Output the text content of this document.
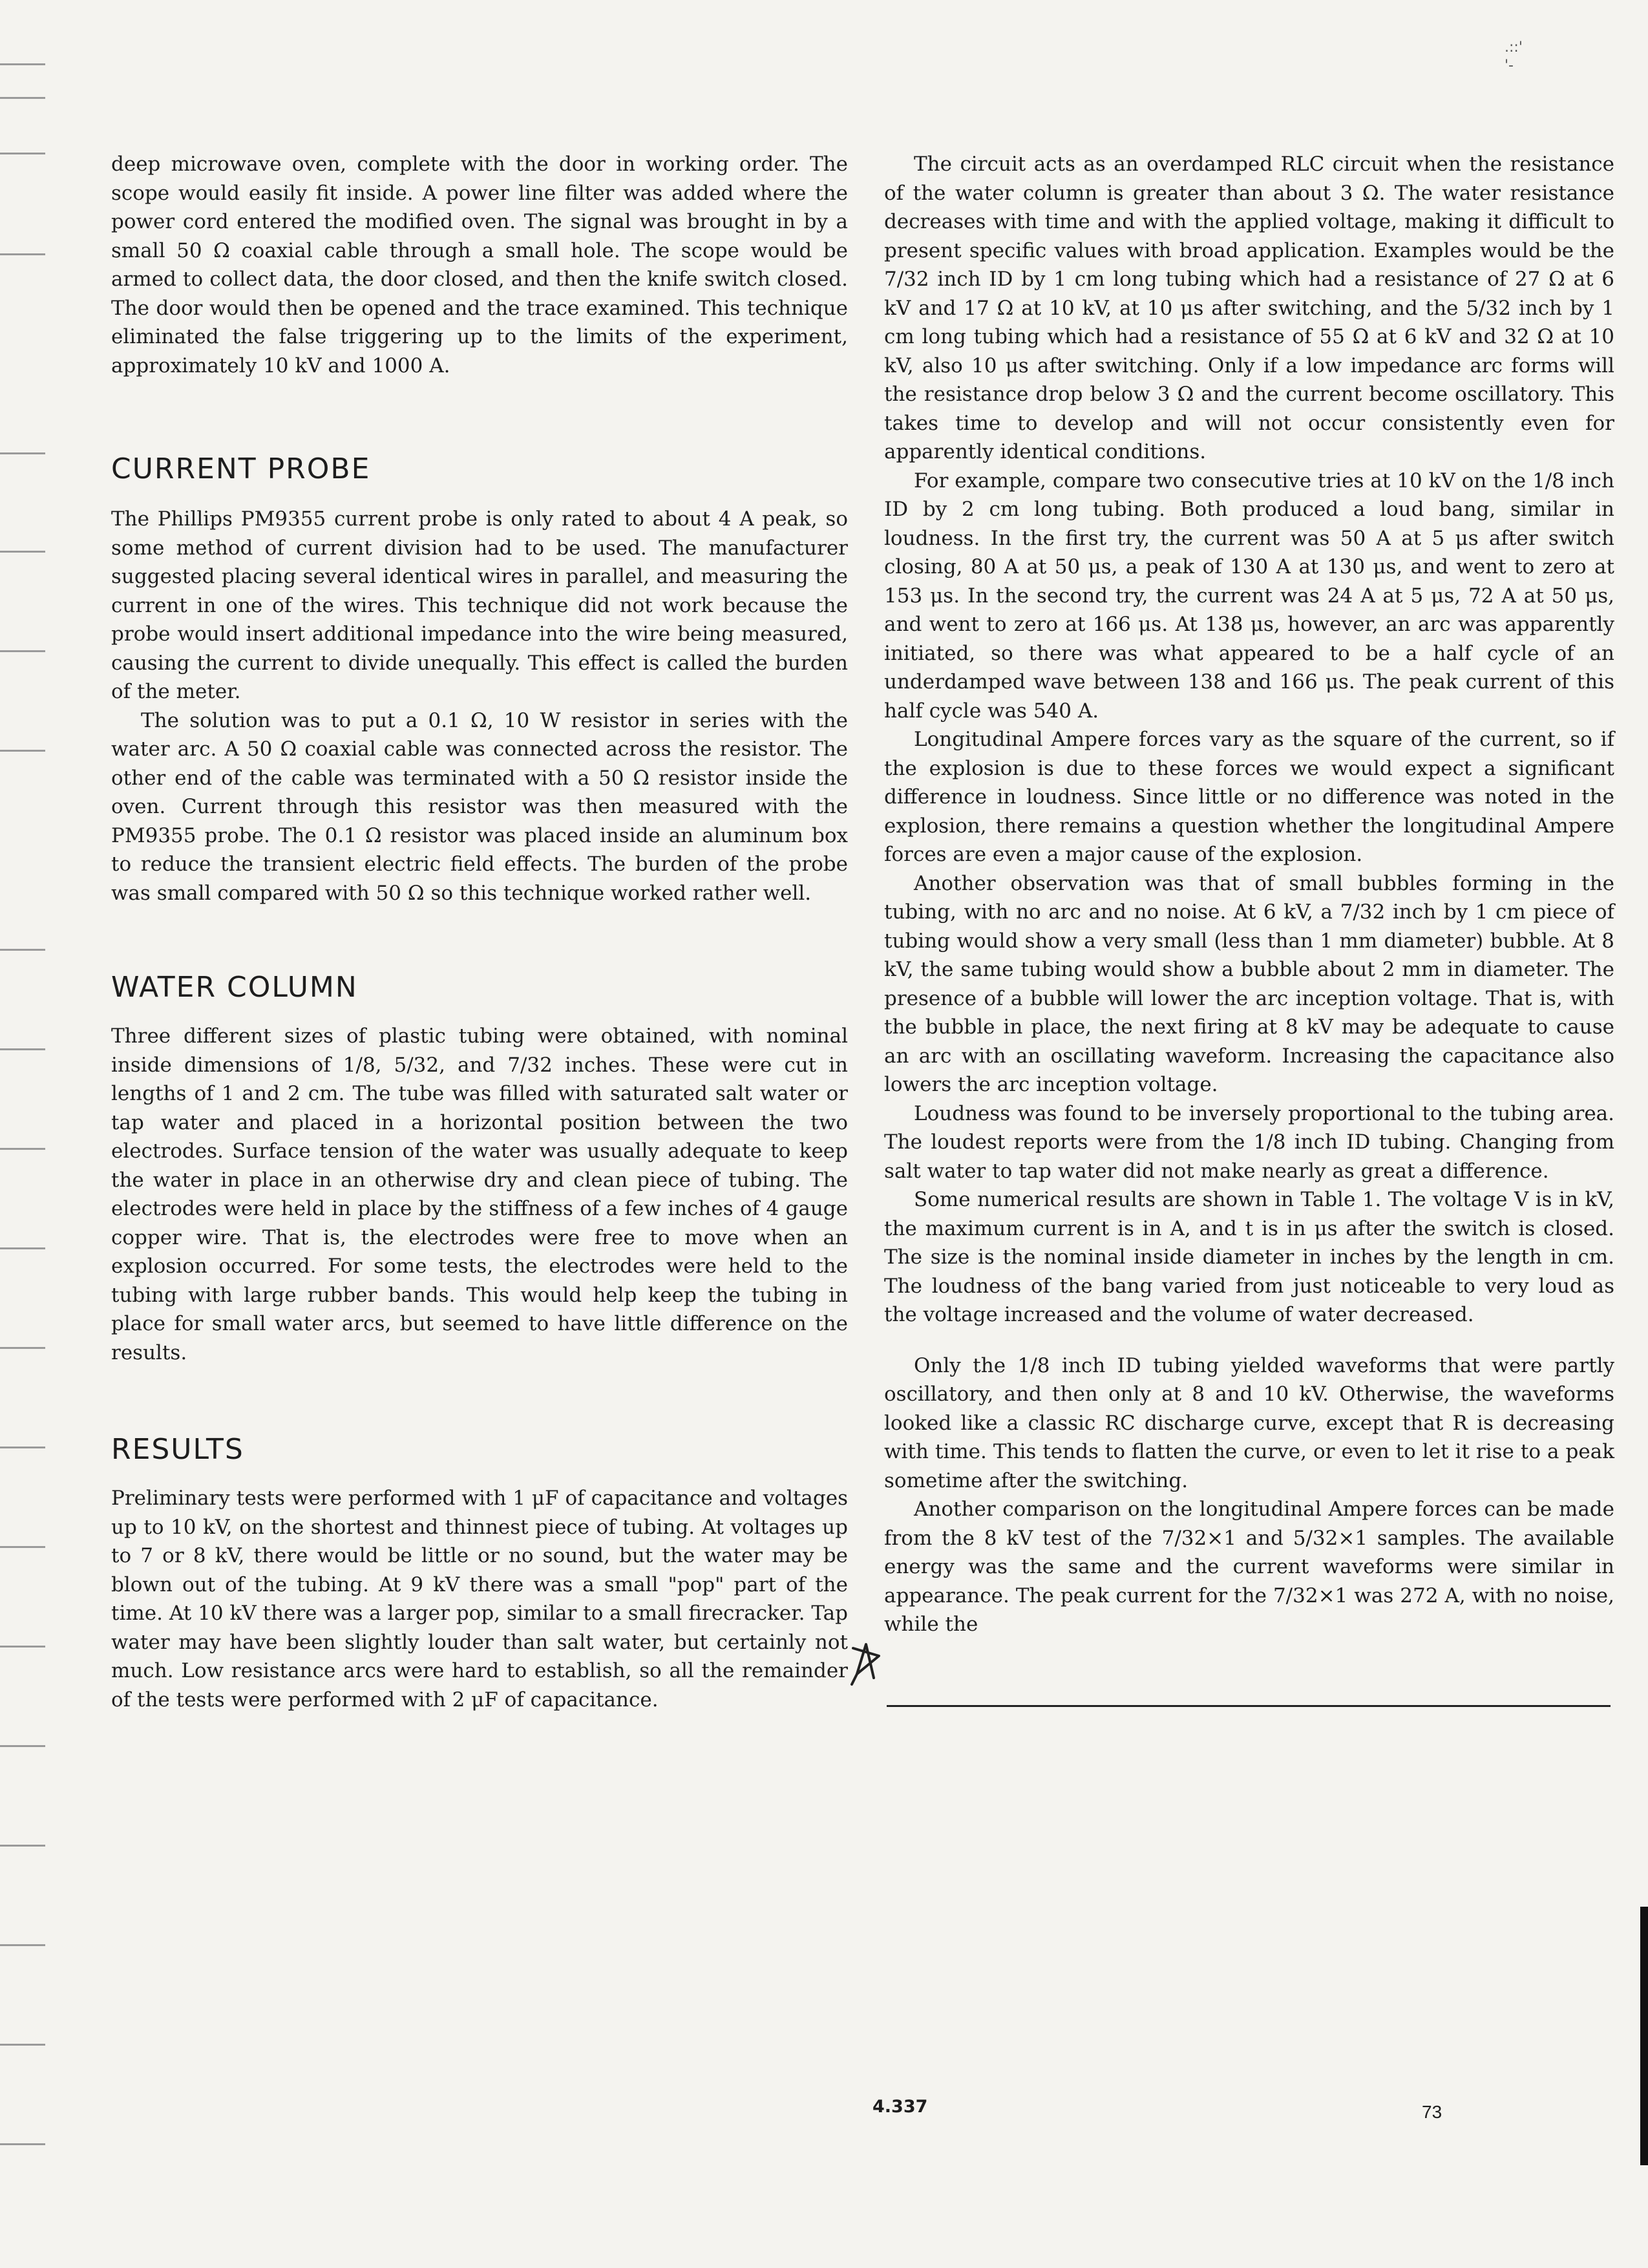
deep microwave oven, complete with the door in working order. The scope would easily fit inside. A power line filter was added where the power cord entered the modified oven. The signal was brought in by a small 50 Ω coaxial cable through a small hole. The scope would be armed to collect data, the door closed, and then the knife switch closed. The door would then be opened and the trace examined. This technique eliminated the false triggering up to the limits of the experiment, approximately 10 kV and 1000 A.

CURRENT PROBE

The Phillips PM9355 current probe is only rated to about 4 A peak, so some method of current division had to be used. The manufacturer suggested placing several identical wires in parallel, and measuring the current in one of the wires. This technique did not work because the probe would insert additional impedance into the wire being measured, causing the current to divide unequally. This effect is called the burden of the meter.

The solution was to put a 0.1 Ω, 10 W resistor in series with the water arc. A 50 Ω coaxial cable was connected across the resistor. The other end of the cable was terminated with a 50 Ω resistor inside the oven. Current through this resistor was then measured with the PM9355 probe. The 0.1 Ω resistor was placed inside an aluminum box to reduce the transient electric field effects. The burden of the probe was small compared with 50 Ω so this technique worked rather well.

WATER COLUMN

Three different sizes of plastic tubing were obtained, with nominal inside dimensions of 1/8, 5/32, and 7/32 inches. These were cut in lengths of 1 and 2 cm. The tube was filled with saturated salt water or tap water and placed in a horizontal position between the two electrodes. Surface tension of the water was usually adequate to keep the water in place in an otherwise dry and clean piece of tubing. The electrodes were held in place by the stiffness of a few inches of 4 gauge copper wire. That is, the electrodes were free to move when an explosion occurred. For some tests, the electrodes were held to the tubing with large rubber bands. This would help keep the tubing in place for small water arcs, but seemed to have little difference on the results.

RESULTS

Preliminary tests were performed with 1 μF of capacitance and voltages up to 10 kV, on the shortest and thinnest piece of tubing. At voltages up to 7 or 8 kV, there would be little or no sound, but the water may be blown out of the tubing. At 9 kV there was a small "pop" part of the time. At 10 kV there was a larger pop, similar to a small firecracker. Tap water may have been slightly louder than salt water, but certainly not much. Low resistance arcs were hard to establish, so all the remainder of the tests were performed with 2 μF of capacitance.

The circuit acts as an overdamped RLC circuit when the resistance of the water column is greater than about 3 Ω. The water resistance decreases with time and with the applied voltage, making it difficult to present specific values with broad application. Examples would be the 7/32 inch ID by 1 cm long tubing which had a resistance of 27 Ω at 6 kV and 17 Ω at 10 kV, at 10 μs after switching, and the 5/32 inch by 1 cm long tubing which had a resistance of 55 Ω at 6 kV and 32 Ω at 10 kV, also 10 μs after switching. Only if a low impedance arc forms will the resistance drop below 3 Ω and the current become oscillatory. This takes time to develop and will not occur consistently even for apparently identical conditions.

For example, compare two consecutive tries at 10 kV on the 1/8 inch ID by 2 cm long tubing. Both produced a loud bang, similar in loudness. In the first try, the current was 50 A at 5 μs after switch closing, 80 A at 50 μs, a peak of 130 A at 130 μs, and went to zero at 153 μs. In the second try, the current was 24 A at 5 μs, 72 A at 50 μs, and went to zero at 166 μs. At 138 μs, however, an arc was apparently initiated, so there was what appeared to be a half cycle of an underdamped wave between 138 and 166 μs. The peak current of this half cycle was 540 A.

Longitudinal Ampere forces vary as the square of the current, so if the explosion is due to these forces we would expect a significant difference in loudness. Since little or no difference was noted in the explosion, there remains a question whether the longitudinal Ampere forces are even a major cause of the explosion.

Another observation was that of small bubbles forming in the tubing, with no arc and no noise. At 6 kV, a 7/32 inch by 1 cm piece of tubing would show a very small (less than 1 mm diameter) bubble. At 8 kV, the same tubing would show a bubble about 2 mm in diameter. The presence of a bubble will lower the arc inception voltage. That is, with the bubble in place, the next firing at 8 kV may be adequate to cause an arc with an oscillating waveform. Increasing the capacitance also lowers the arc inception voltage.

Loudness was found to be inversely proportional to the tubing area. The loudest reports were from the 1/8 inch ID tubing. Changing from salt water to tap water did not make nearly as great a difference.

Some numerical results are shown in Table 1. The voltage V is in kV, the maximum current is in A, and t is in μs after the switch is closed. The size is the nominal inside diameter in inches by the length in cm. The loudness of the bang varied from just noticeable to very loud as the voltage increased and the volume of water decreased.

Only the 1/8 inch ID tubing yielded waveforms that were partly oscillatory, and then only at 8 and 10 kV. Otherwise, the waveforms looked like a classic RC discharge curve, except that R is decreasing with time. This tends to flatten the curve, or even to let it rise to a peak sometime after the switching.

Another comparison on the longitudinal Ampere forces can be made from the 8 kV test of the 7/32×1 and 5/32×1 samples. The available energy was the same and the current waveforms were similar in appearance. The peak current for the 7/32×1 was 272 A, with no noise, while the

4.337	73
.::'
'-
